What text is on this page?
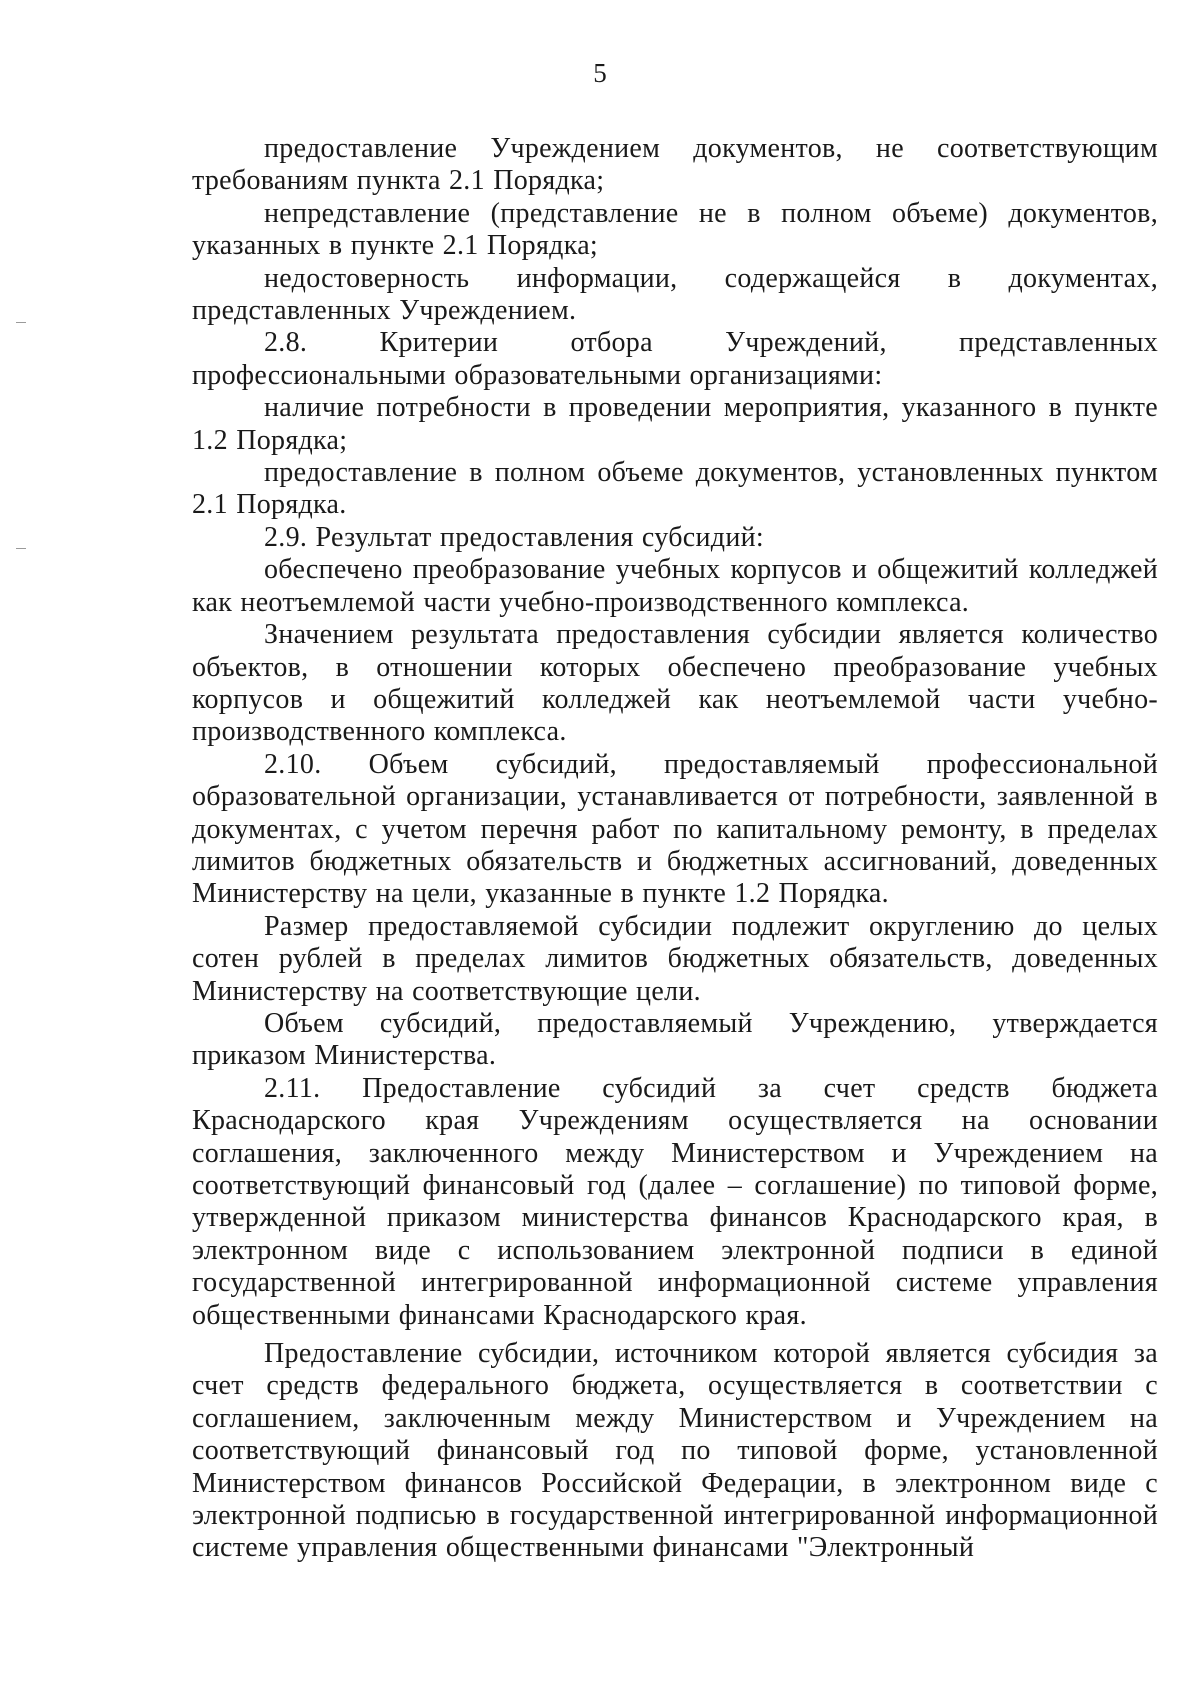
5

предоставление Учреждением документов, не соответствующим требованиям пункта 2.1 Порядка;

непредставление (представление не в полном объеме) документов, указанных в пункте 2.1 Порядка;

недостоверность информации, содержащейся в документах, представленных Учреждением.

2.8. Критерии отбора Учреждений, представленных профессиональными образовательными организациями:

наличие потребности в проведении мероприятия, указанного в пункте 1.2 Порядка;

предоставление в полном объеме документов, установленных пунктом 2.1 Порядка.

2.9. Результат предоставления субсидий:

обеспечено преобразование учебных корпусов и общежитий колледжей как неотъемлемой части учебно-производственного комплекса.

Значением результата предоставления субсидии является количество объектов, в отношении которых обеспечено преобразование учебных корпусов и общежитий колледжей как неотъемлемой части учебно-производственного комплекса.

2.10. Объем субсидий, предоставляемый профессиональной образовательной организации, устанавливается от потребности, заявленной в документах, с учетом перечня работ по капитальному ремонту, в пределах лимитов бюджетных обязательств и бюджетных ассигнований, доведенных Министерству на цели, указанные в пункте 1.2 Порядка.

Размер предоставляемой субсидии подлежит округлению до целых сотен рублей в пределах лимитов бюджетных обязательств, доведенных Министерству на соответствующие цели.

Объем субсидий, предоставляемый Учреждению, утверждается приказом Министерства.

2.11. Предоставление субсидий за счет средств бюджета Краснодарского края Учреждениям осуществляется на основании соглашения, заключенного между Министерством и Учреждением на соответствующий финансовый год (далее – соглашение) по типовой форме, утвержденной приказом министерства финансов Краснодарского края, в электронном виде с использованием электронной подписи в единой государственной интегрированной информационной системе управления общественными финансами Краснодарского края.

Предоставление субсидии, источником которой является субсидия за счет средств федерального бюджета, осуществляется в соответствии с соглашением, заключенным между Министерством и Учреждением на соответствующий финансовый год по типовой форме, установленной Министерством финансов Российской Федерации, в электронном виде с электронной подписью в государственной интегрированной информационной системе управления общественными финансами "Электронный
